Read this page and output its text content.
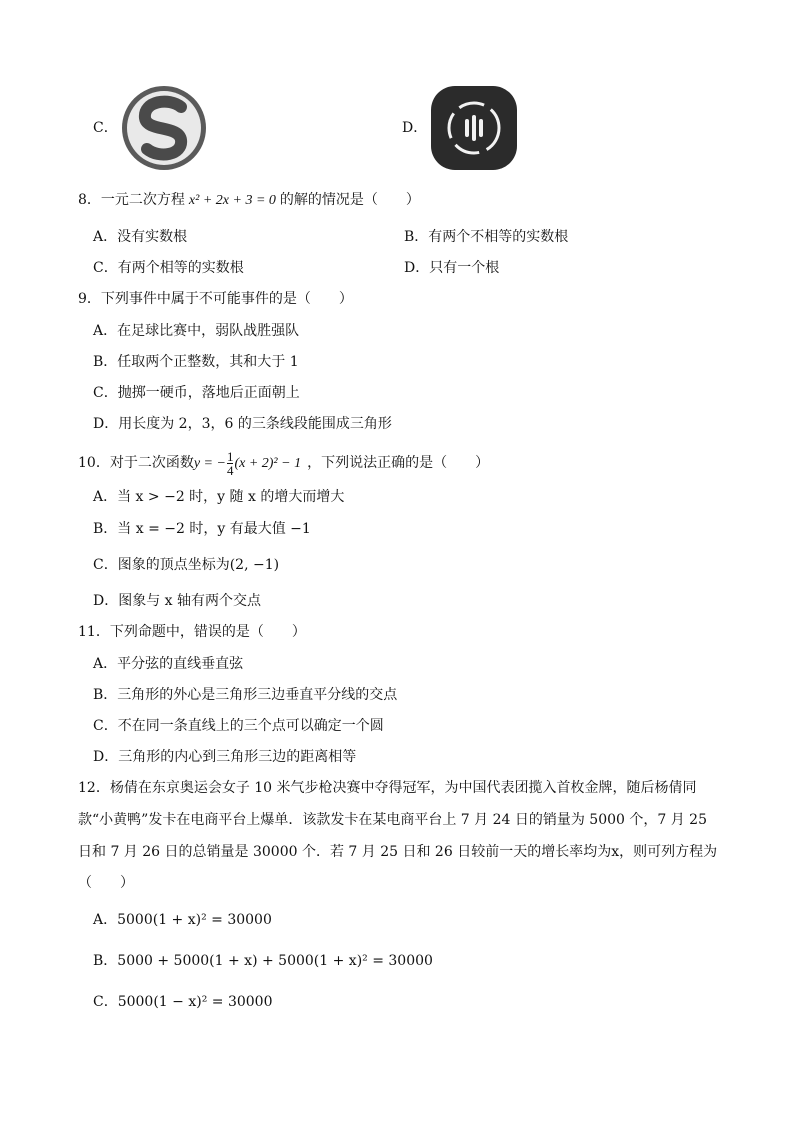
C．	D．
8．一元二次方程 x² + 2x + 3 = 0 的解的情况是（　　）
A．没有实数根	B．有两个不相等的实数根
C．有两个相等的实数根	D．只有一个根
9．下列事件中属于不可能事件的是（　　）
A．在足球比赛中，弱队战胜强队
B．任取两个正整数，其和大于 1
C．抛掷一硬币，落地后正面朝上
D．用长度为 2，3，6 的三条线段能围成三角形
10．对于二次函数y = − $\frac{1}{4} (x + 2)^2 - 1$ ，下列说法正确的是（　　）
A．当 x > −2 时，y 随 x 的增大而增大
B．当 x = −2 时，y 有最大值 −1
C．图象的顶点坐标为(2, −1)
D．图象与 x 轴有两个交点
11．下列命题中，错误的是（　　）
A．平分弦的直线垂直弦
B．三角形的外心是三角形三边垂直平分线的交点
C．不在同一条直线上的三个点可以确定一个圆
D．三角形的内心到三角形三边的距离相等
12．杨倩在东京奥运会女子 10 米气步枪决赛中夺得冠军，为中国代表团揽入首枚金牌，随后杨倩同
款“小黄鸭”发卡在电商平台上爆单．该款发卡在某电商平台上 7 月 24 日的销量为 5000 个，7 月 25
日和 7 月 26 日的总销量是 30000 个．若 7 月 25 日和 26 日较前一天的增长率均为x，则可列方程为
（　　）
A．5000(1 + x)² = 30000
B．5000 + 5000(1 + x) + 5000(1 + x)² = 30000
C．5000(1 − x)² = 30000
